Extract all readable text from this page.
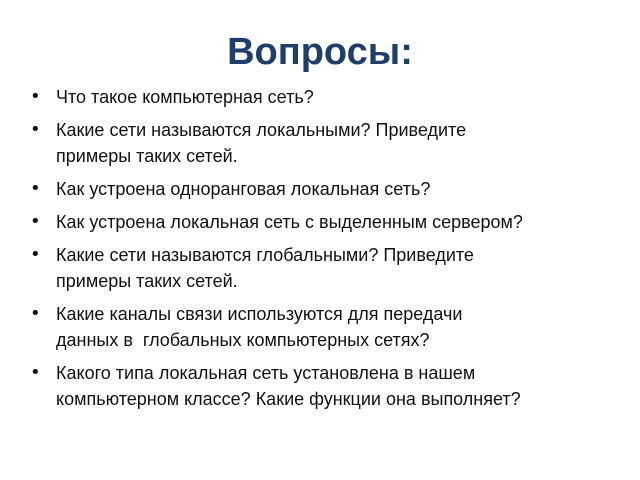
Вопросы:
• Что такое компьютерная сеть?
• Какие сети называются локальными? Приведите
примеры таких сетей.
• Как устроена одноранговая локальная сеть?
• Как устроена локальная сеть с выделенным сервером?
• Какие сети называются глобальными? Приведите
примеры таких сетей.
• Какие каналы связи используются для передачи
данных в  глобальных компьютерных сетях?
• Какого типа локальная сеть установлена в нашем
компьютерном классе? Какие функции она выполняет?
